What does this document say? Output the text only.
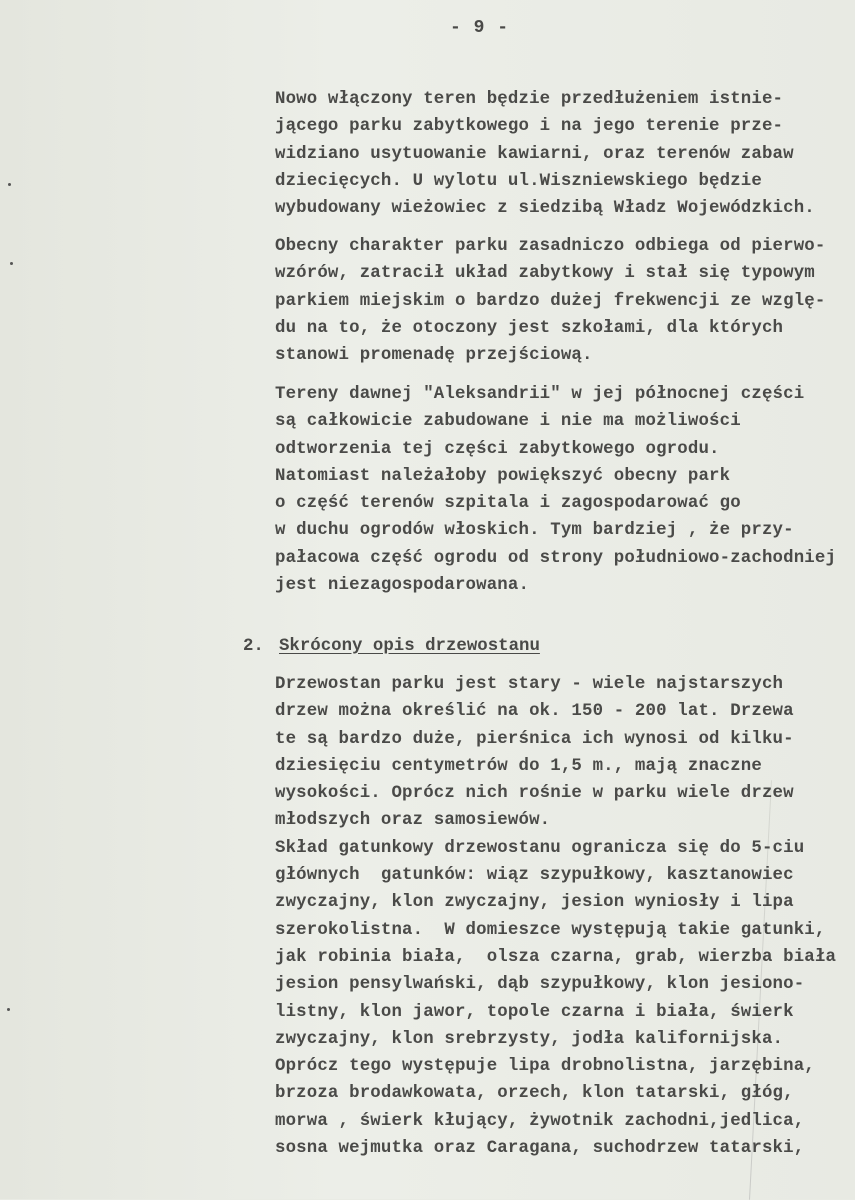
- 9 -
Nowo włączony teren będzie przedłużeniem istnie-
jącego parku zabytkowego i na jego terenie prze-
widziano usytuowanie kawiarni, oraz terenów zabaw
dziecięcych. U wylotu ul.Wiszniewskiego będzie
wybudowany wieżowiec z siedzibą Władz Wojewódzkich.
Obecny charakter parku zasadniczo odbiega od pierwo-
wzórów, zatracił układ zabytkowy i stał się typowym
parkiem miejskim o bardzo dużej frekwencji ze wzglę-
du na to, że otoczony jest szkołami, dla których
stanowi promenadę przejściową.
Tereny dawnej "Aleksandrii" w jej północnej części
są całkowicie zabudowane i nie ma możliwości
odtworzenia tej części zabytkowego ogrodu.
Natomiast należałoby powiększyć obecny park
o część terenów szpitala i zagospodarować go
w duchu ogrodów włoskich. Tym bardziej , że przy-
pałacowa część ogrodu od strony południowo-zachodniej
jest niezagospodarowana.
2. Skrócony opis drzewostanu
Drzewostan parku jest stary - wiele najstarszych
drzew można określić na ok. 150 - 200 lat. Drzewa
te są bardzo duże, pierśnica ich wynosi od kilku-
dziesięciu centymetrów do 1,5 m., mają znaczne
wysokości. Oprócz nich rośnie w parku wiele drzew
młodszych oraz samosiewów.
Skład gatunkowy drzewostanu ogranicza się do 5-ciu
głównych  gatunków: wiąz szypułkowy, kasztanowiec
zwyczajny, klon zwyczajny, jesion wyniosły i lipa
szerokolistna.  W domieszce występują takie gatunki,
jak robinia biała,  olsza czarna, grab, wierzba biała
jesion pensylwański, dąb szypułkowy, klon jesiono-
listny, klon jawor, topole czarna i biała, świerk
zwyczajny, klon srebrzysty, jodła kalifornijska.
Oprócz tego występuje lipa drobnolistna, jarzębina,
brzoza brodawkowata, orzech, klon tatarski, głóg,
morwa , świerk kłujący, żywotnik zachodni,jedlica,
sosna wejmutka oraz Caragana, suchodrzew tatarski,
